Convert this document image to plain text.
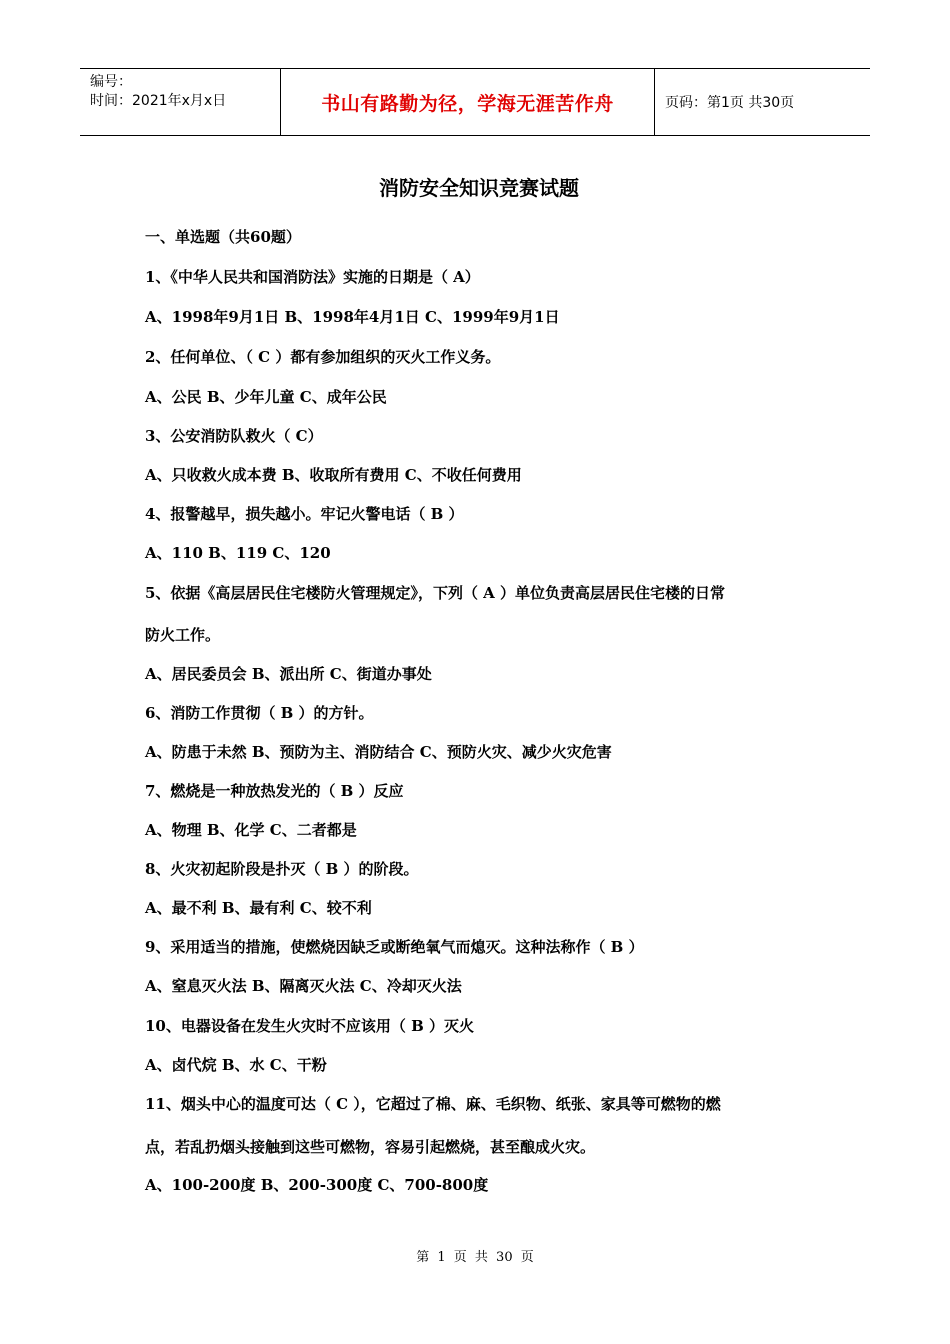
编号：
时间：2021年x月x日	书山有路勤为径，学海无涯苦作舟	页码：第1页 共30页
消防安全知识竞赛试题
一、单选题（共60题）
1、《中华人民共和国消防法》实施的日期是（ A）
A、1998年9月1日 B、1998年4月1日 C、1999年9月1日
2、任何单位、（ C ）都有参加组织的灭火工作义务。
A、公民 B、少年儿童 C、成年公民
3、公安消防队救火（ C）
A、只收救火成本费 B、收取所有费用 C、不收任何费用
4、报警越早，损失越小。牢记火警电话（ B ）
A、110 B、119 C、120
5、依据《高层居民住宅楼防火管理规定》，下列（ A ）单位负责高层居民住宅楼的日常
防火工作。
A、居民委员会 B、派出所 C、街道办事处
6、消防工作贯彻（ B ）的方针。
A、防患于未然 B、预防为主、消防结合 C、预防火灾、减少火灾危害
7、燃烧是一种放热发光的（ B ）反应
A、物理 B、化学 C、二者都是
8、火灾初起阶段是扑灭（ B ）的阶段。
A、最不利 B、最有利 C、较不利
9、采用适当的措施，使燃烧因缺乏或断绝氧气而熄灭。这种法称作（ B ）
A、窒息灭火法 B、隔离灭火法 C、冷却灭火法
10、电器设备在发生火灾时不应该用（ B ）灭火
A、卤代烷 B、水 C、干粉
11、烟头中心的温度可达（ C ），它超过了棉、麻、毛织物、纸张、家具等可燃物的燃
点，若乱扔烟头接触到这些可燃物，容易引起燃烧，甚至酿成火灾。
A、100-200度 B、200-300度 C、700-800度
第 1 页 共 30 页
